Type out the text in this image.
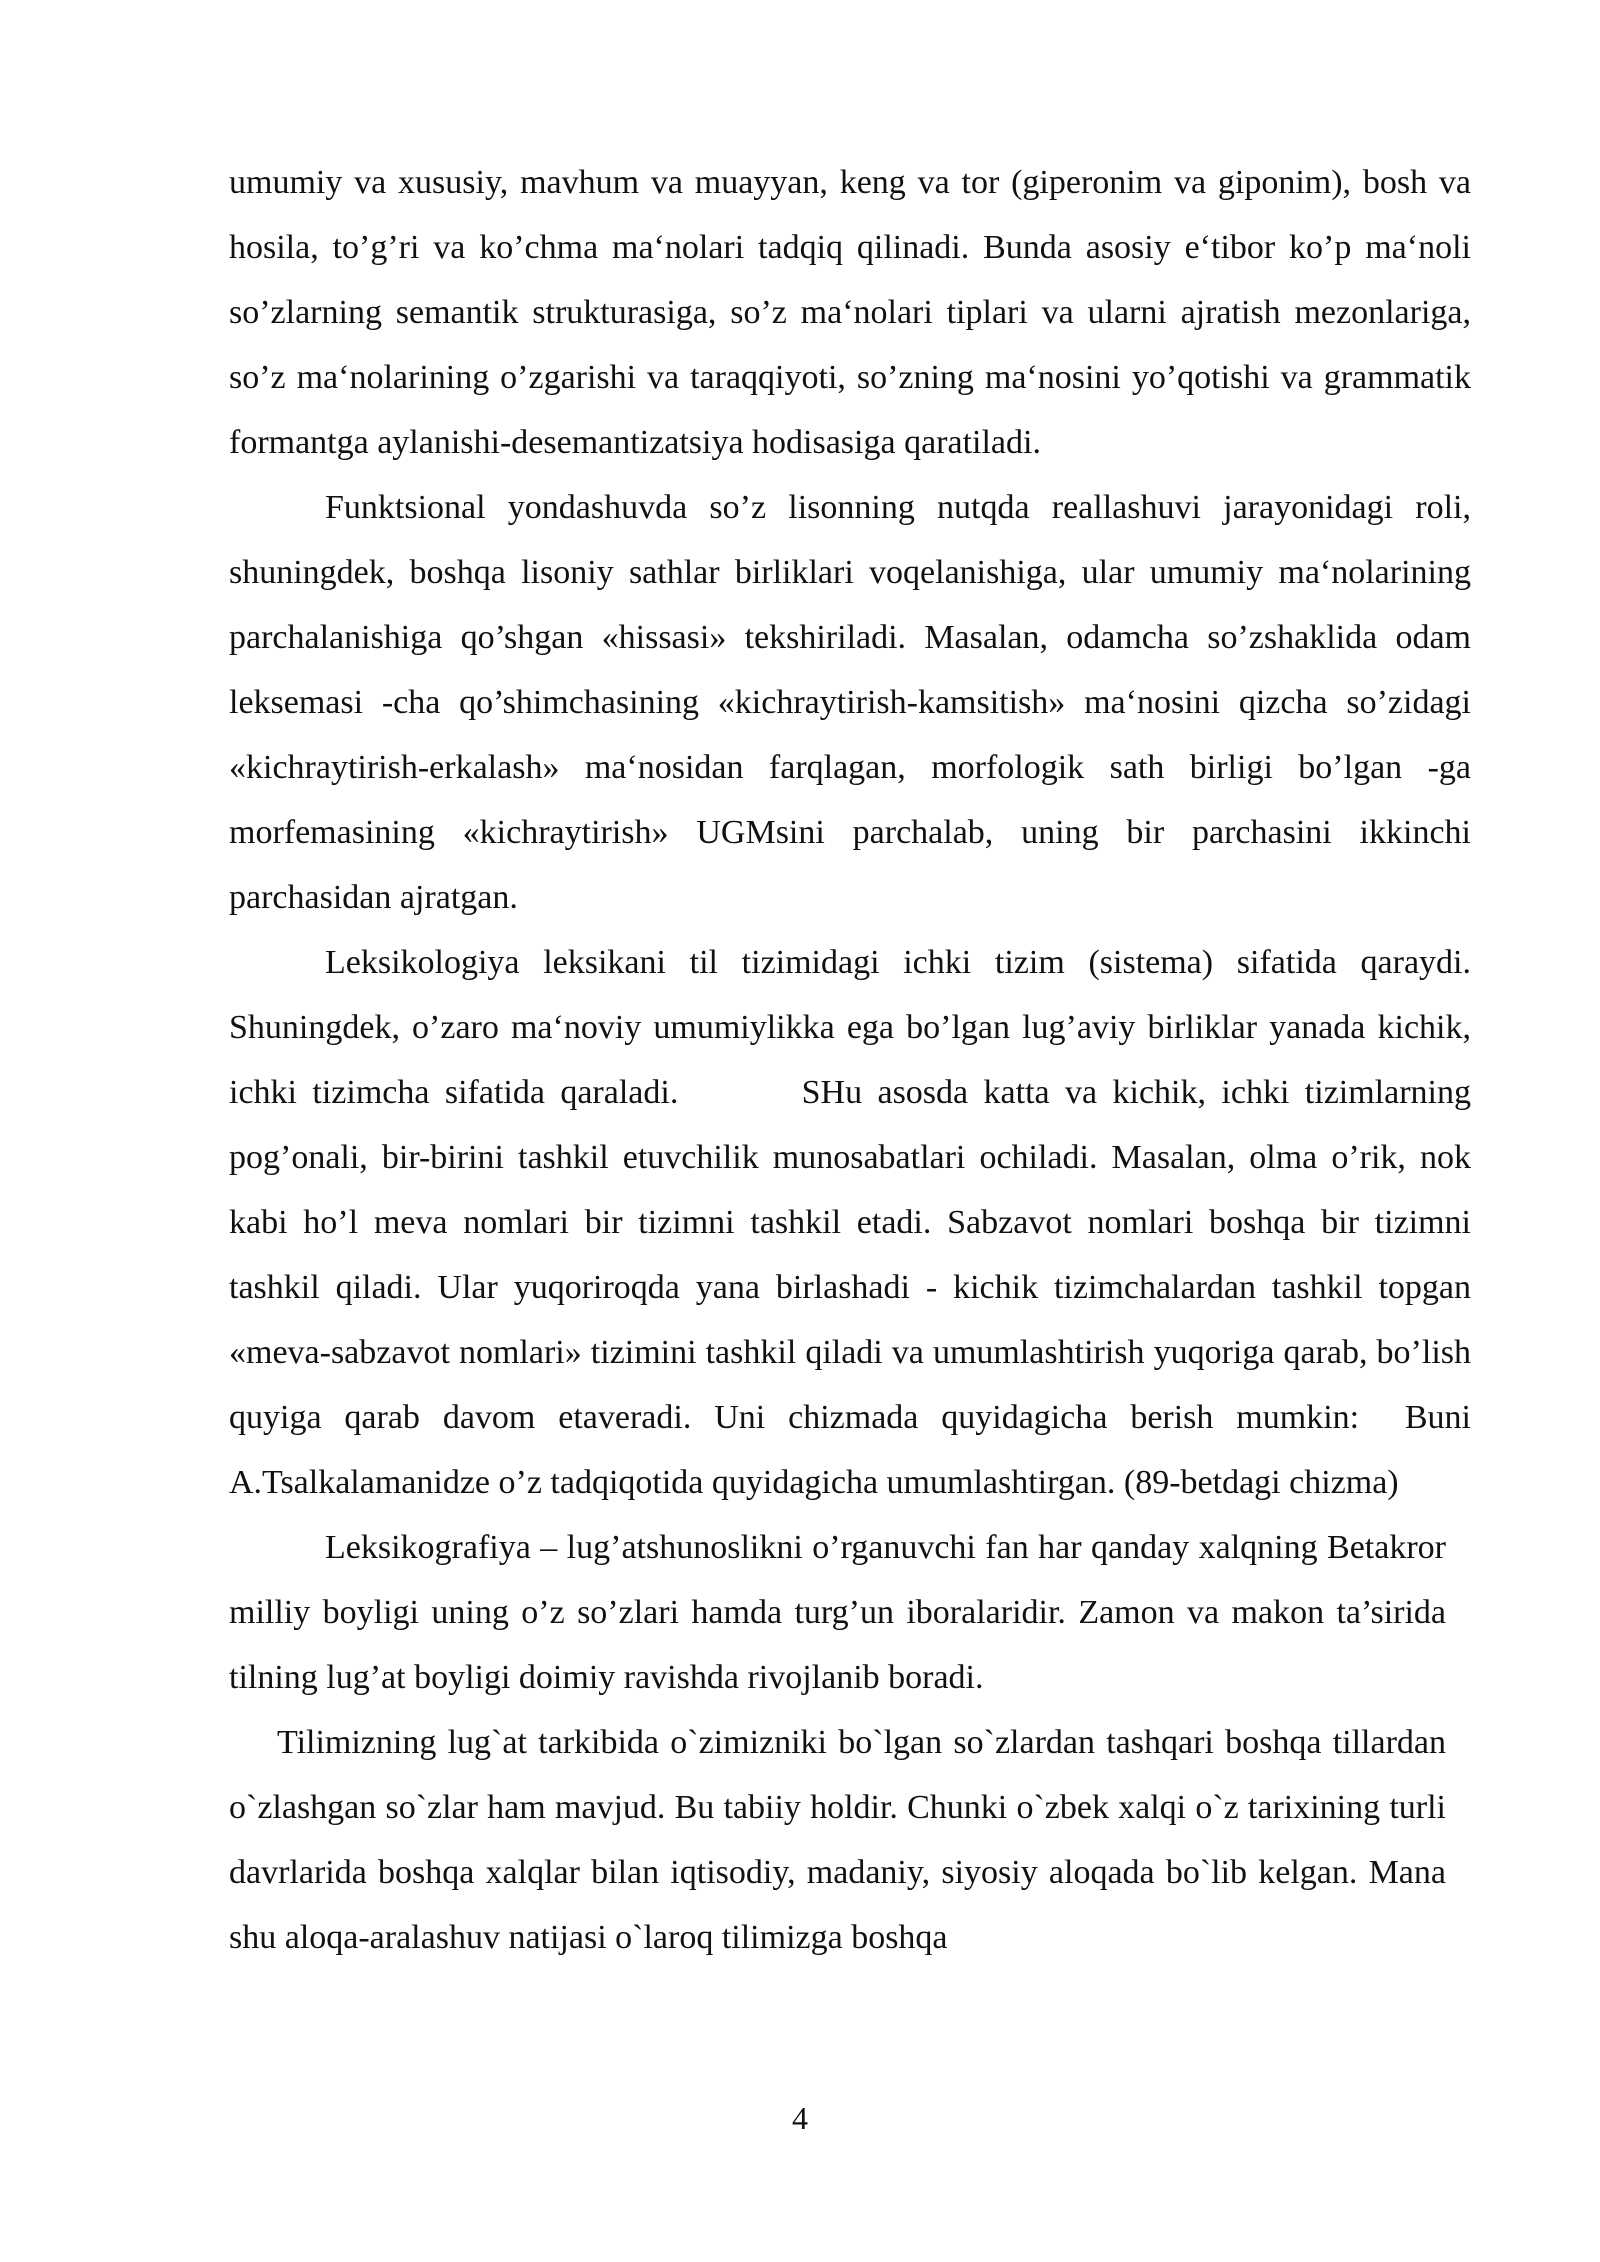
umumiy va xususiy, mavhum va muayyan, keng va tor (giperonim va giponim), bosh va hosila, to’g’ri va ko’chma ma‘nolari tadqiq qilinadi. Bunda asosiy e‘tibor ko’p ma‘noli so’zlarning semantik strukturasiga, so’z ma‘nolari tiplari va ularni ajratish mezonlariga, so’z ma‘nolarining o’zgarishi va taraqqiyoti, so’zning ma‘nosini yo’qotishi va grammatik formantga aylanishi-desemantizatsiya hodisasiga qaratiladi.

Funktsional yondashuvda so’z lisonning nutqda reallashuvi jarayonidagi roli, shuningdek, boshqa lisoniy sathlar birliklari voqelanishiga, ular umumiy ma‘nolarining parchalanishiga qo’shgan «hissasi» tekshiriladi. Masalan, odamcha so’zshaklida odam leksemasi -cha qo’shimchasining «kichraytirish-kamsitish» ma‘nosini qizcha so’zidagi «kichraytirish-erkalash» ma‘nosidan farqlagan, morfologik sath birligi bo’lgan -ga morfemasining «kichraytirish» UGMsini parchalab, uning bir parchasini ikkinchi parchasidan ajratgan.

Leksikologiya leksikani til tizimidagi ichki tizim (sistema) sifatida qaraydi. Shuningdek, o’zaro ma‘noviy umumiylikka ega bo’lgan lug’aviy birliklar yanada kichik, ichki tizimcha sifatida qaraladi.        SHu asosda katta va kichik, ichki tizimlarning pog’onali, bir-birini tashkil etuvchilik munosabatlari ochiladi. Masalan, olma o’rik, nok kabi ho’l meva nomlari bir tizimni tashkil etadi. Sabzavot nomlari boshqa bir tizimni tashkil qiladi. Ular yuqoriroqda yana birlashadi - kichik tizimchalardan tashkil topgan «meva-sabzavot nomlari» tizimini tashkil qiladi va umumlashtirish yuqoriga qarab, bo’lish quyiga qarab davom etaveradi. Uni chizmada quyidagicha berish mumkin:  Buni A.Tsalkalamanidze o’z tadqiqotida quyidagicha umumlashtirgan. (89-betdagi chizma)

Leksikografiya – lug’atshunoslikni o’rganuvchi fan har qanday xalqning Betakror milliy boyligi uning o’z so’zlari hamda turg’un iboralaridir. Zamon va makon ta’sirida tilning lug’at boyligi doimiy ravishda rivojlanib boradi.

Tilimizning lug`at tarkibida o`zimizniki bo`lgan so`zlardan tashqari boshqa tillardan o`zlashgan so`zlar ham mavjud. Bu tabiiy holdir. Chunki o`zbek xalqi o`z tarixining turli davrlarida boshqa xalqlar bilan iqtisodiy, madaniy, siyosiy aloqada bo`lib kelgan. Mana shu aloqa-aralashuv natijasi o`laroq tilimizga boshqa

4
